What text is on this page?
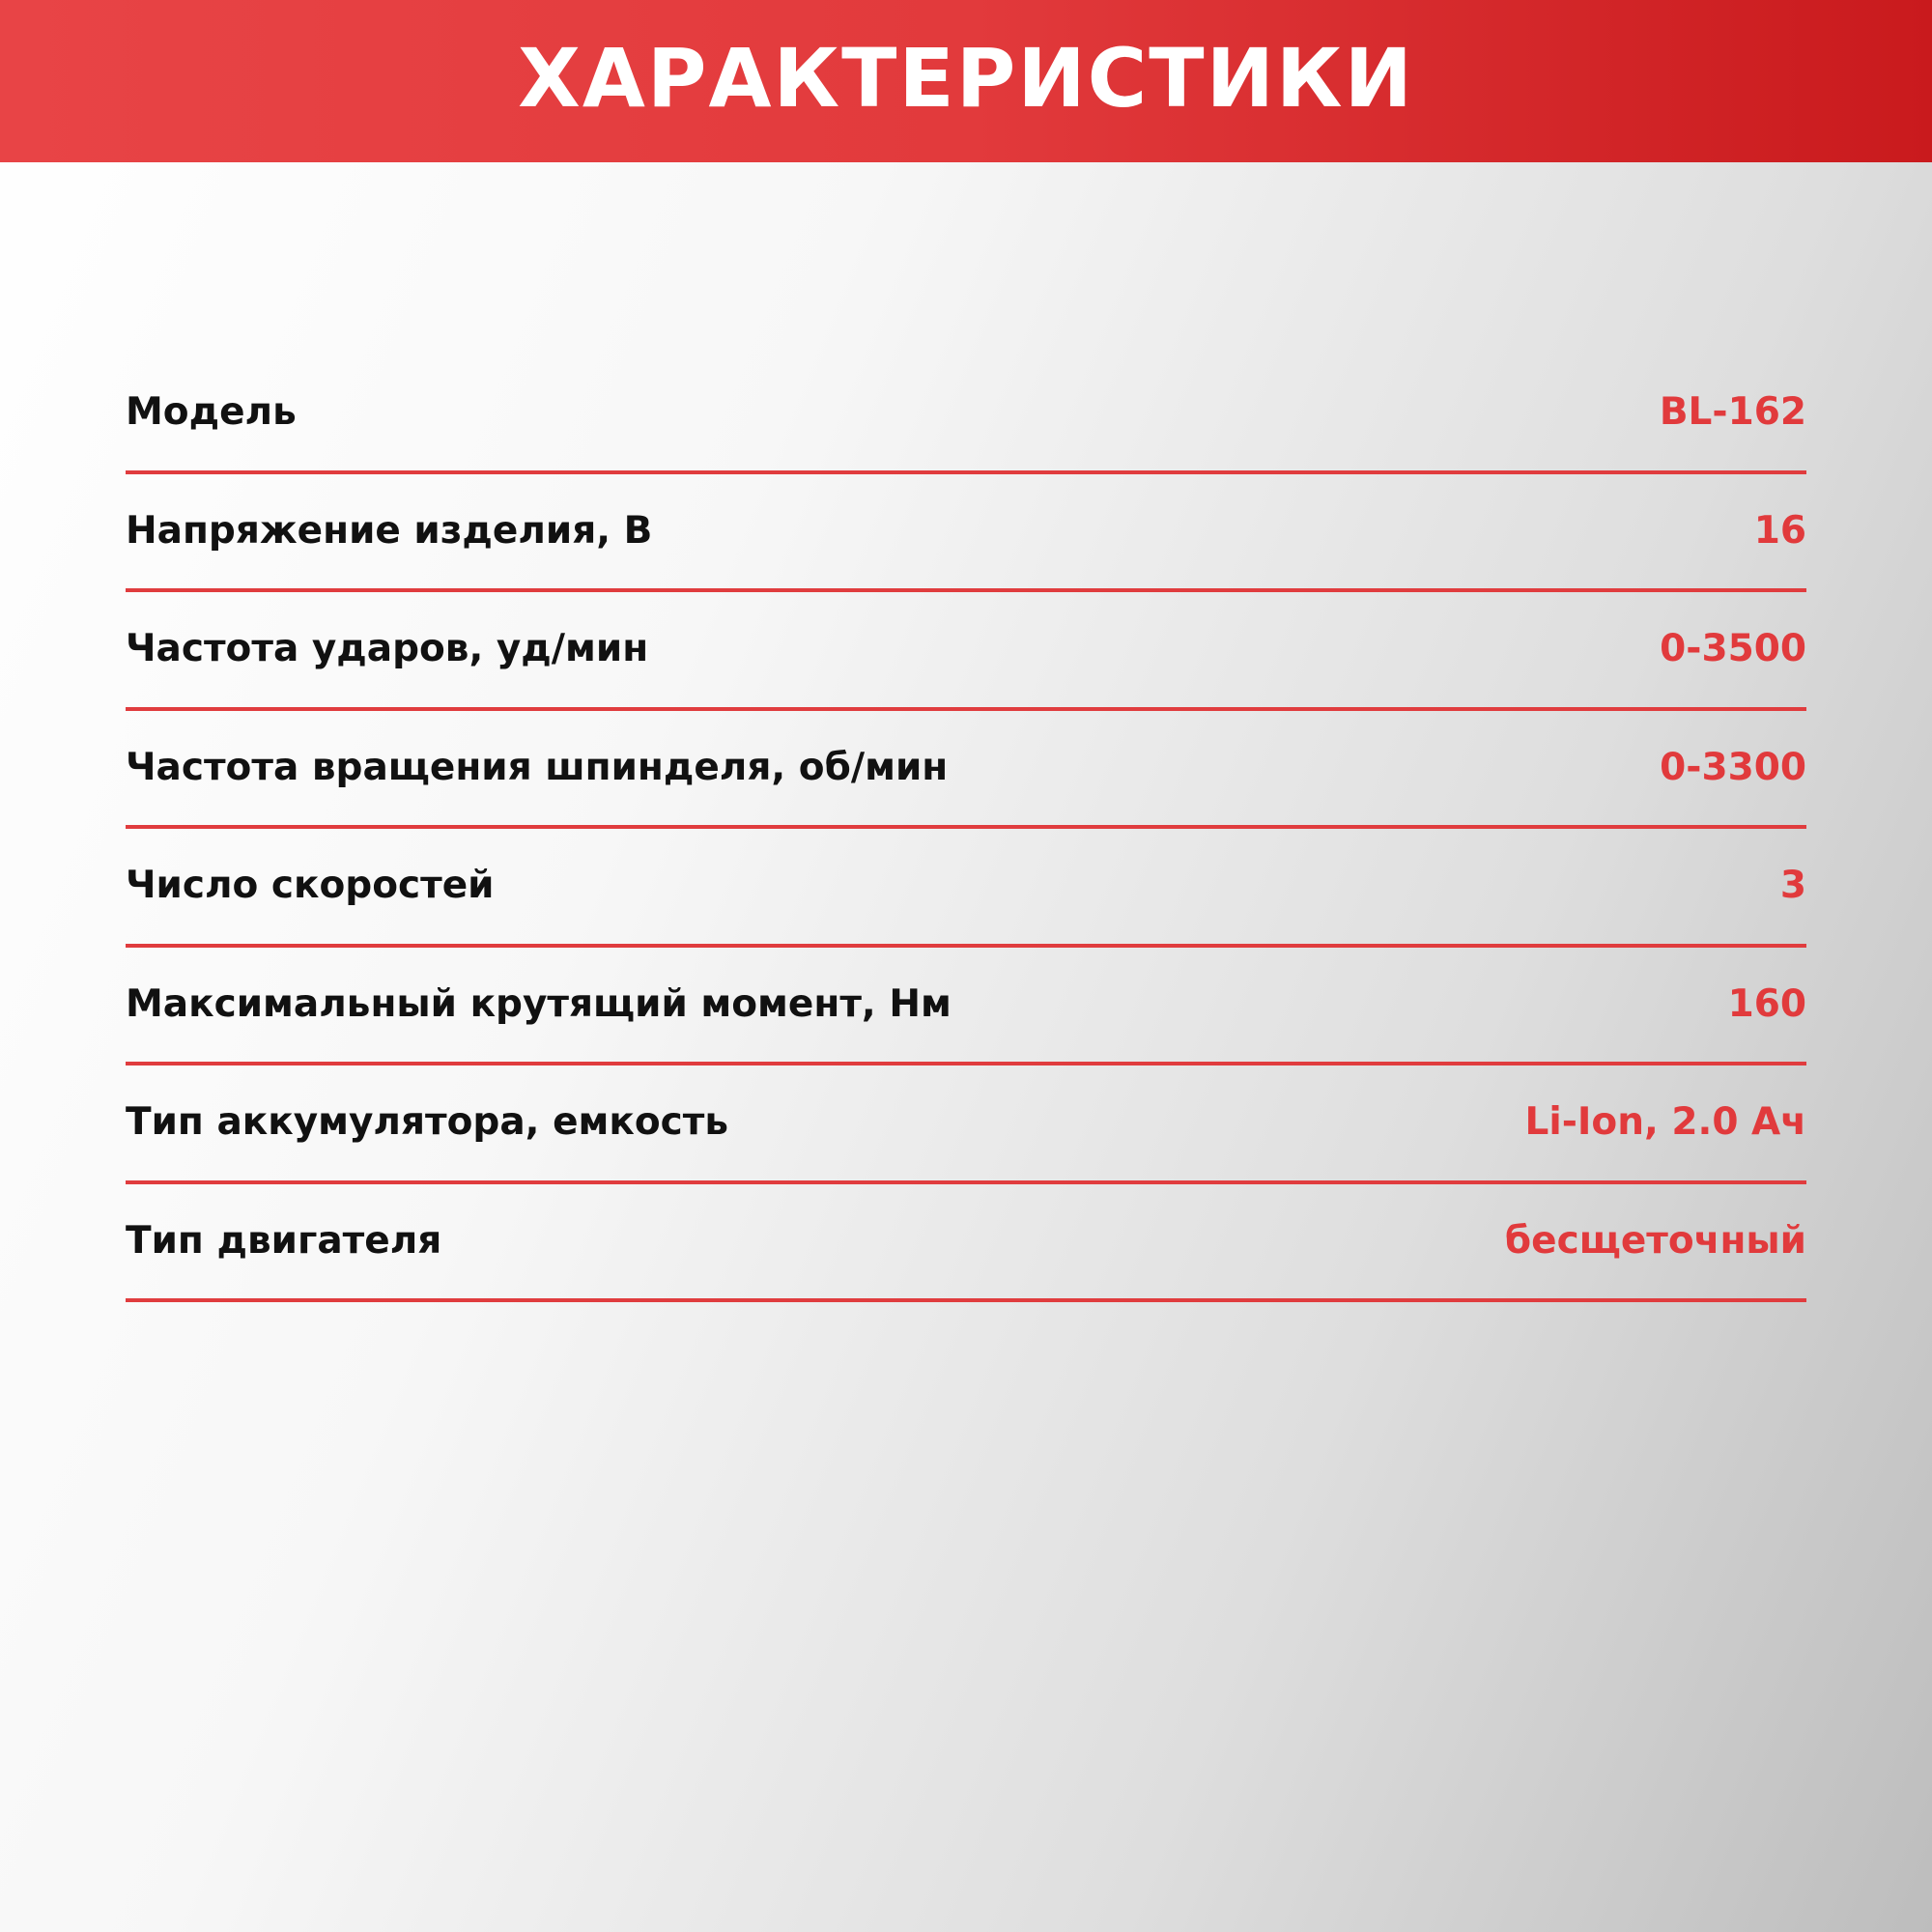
ХАРАКТЕРИСТИКИ
Модель	BL-162
Напряжение изделия, В	16
Частота ударов, уд/мин	0-3500
Частота вращения шпинделя, об/мин	0-3300
Число скоростей	3
Максимальный крутящий момент, Нм	160
Тип аккумулятора, емкость	Li-Ion, 2.0 Ач
Тип двигателя	бесщеточный
